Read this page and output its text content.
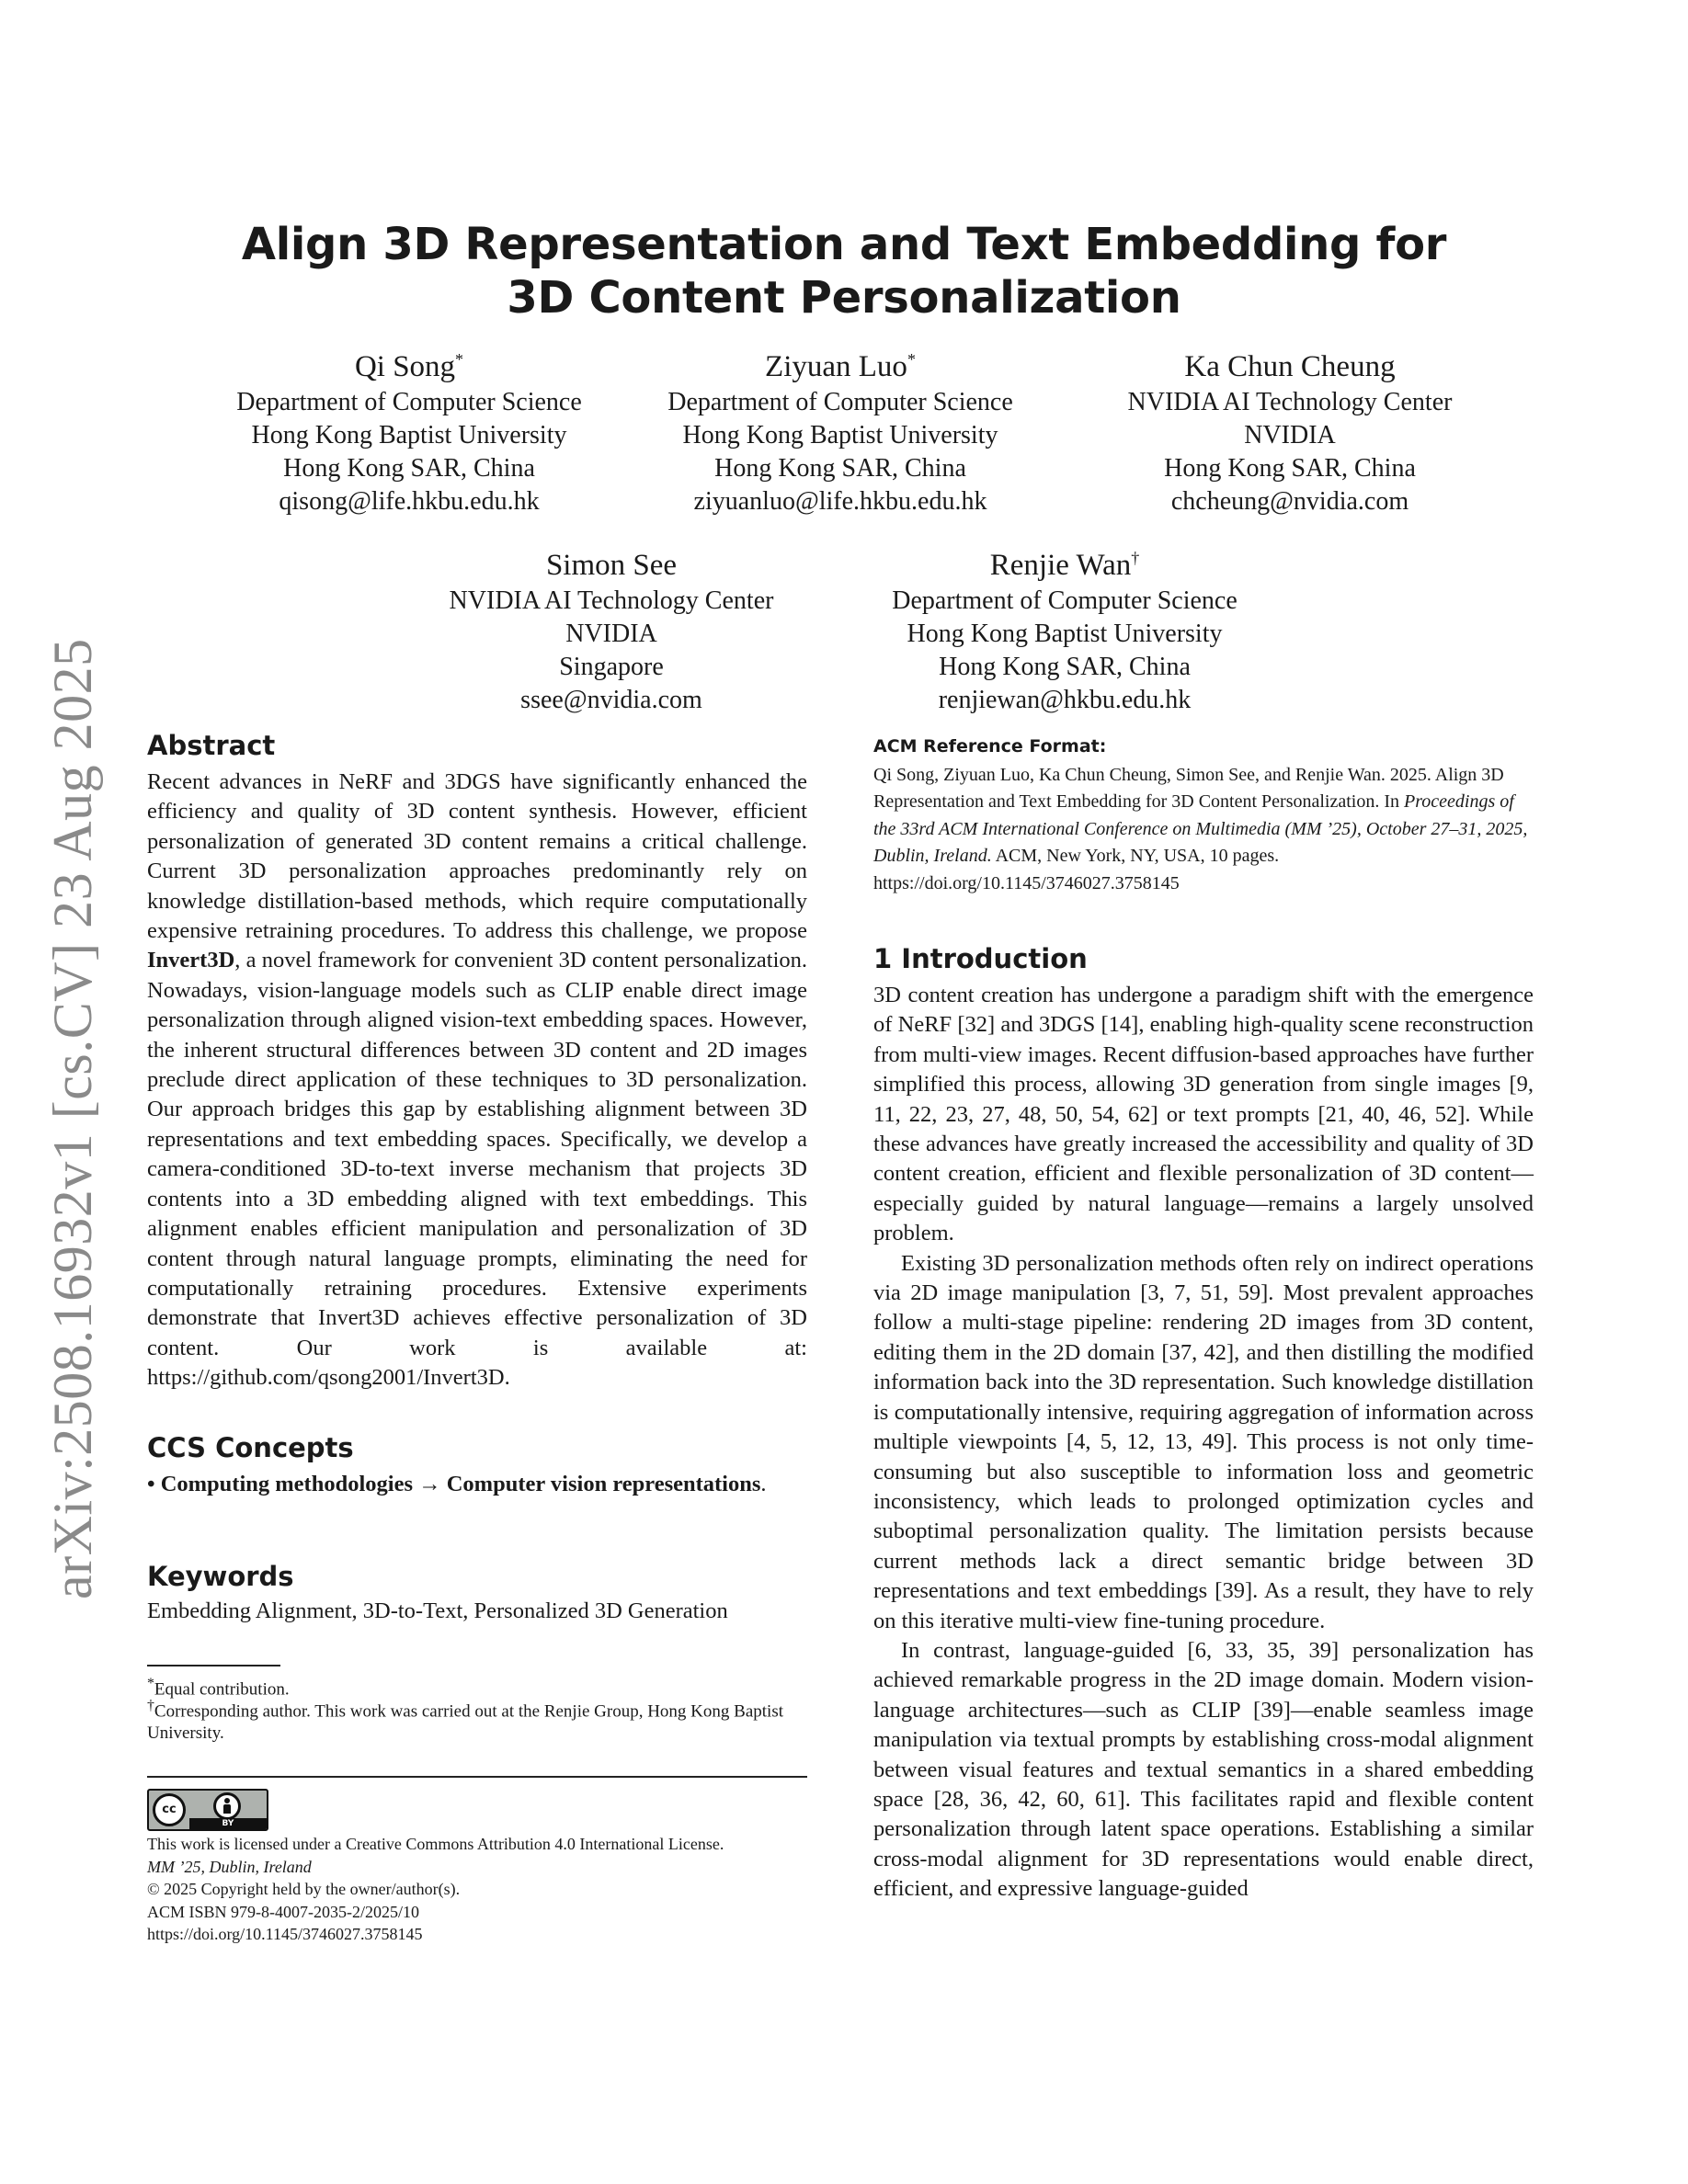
arXiv:2508.16932v1 [cs.CV] 23 Aug 2025
Align 3D Representation and Text Embedding for
3D Content Personalization
Qi Song*
Department of Computer Science
Hong Kong Baptist University
Hong Kong SAR, China
qisong@life.hkbu.edu.hk
Ziyuan Luo*
Department of Computer Science
Hong Kong Baptist University
Hong Kong SAR, China
ziyuanluo@life.hkbu.edu.hk
Ka Chun Cheung
NVIDIA AI Technology Center
NVIDIA
Hong Kong SAR, China
chcheung@nvidia.com
Simon See
NVIDIA AI Technology Center
NVIDIA
Singapore
ssee@nvidia.com
Renjie Wan†
Department of Computer Science
Hong Kong Baptist University
Hong Kong SAR, China
renjiewan@hkbu.edu.hk
Abstract
Recent advances in NeRF and 3DGS have significantly enhanced the efficiency and quality of 3D content synthesis. However, efficient personalization of generated 3D content remains a critical challenge. Current 3D personalization approaches predominantly rely on knowledge distillation-based methods, which require computationally expensive retraining procedures. To address this challenge, we propose Invert3D, a novel framework for convenient 3D content personalization. Nowadays, vision-language models such as CLIP enable direct image personalization through aligned vision-text embedding spaces. However, the inherent structural differences between 3D content and 2D images preclude direct application of these techniques to 3D personalization. Our approach bridges this gap by establishing alignment between 3D representations and text embedding spaces. Specifically, we develop a camera-conditioned 3D-to-text inverse mechanism that projects 3D contents into a 3D embedding aligned with text embeddings. This alignment enables efficient manipulation and personalization of 3D content through natural language prompts, eliminating the need for computationally retraining procedures. Extensive experiments demonstrate that Invert3D achieves effective personalization of 3D content. Our work is available at: https://github.com/qsong2001/Invert3D.
CCS Concepts
• Computing methodologies → Computer vision representations.
Keywords
Embedding Alignment, 3D-to-Text, Personalized 3D Generation
*Equal contribution.
†Corresponding author. This work was carried out at the Renjie Group, Hong Kong Baptist University.
cc
BY
This work is licensed under a Creative Commons Attribution 4.0 International License.
MM ’25, Dublin, Ireland
© 2025 Copyright held by the owner/author(s).
ACM ISBN 979-8-4007-2035-2/2025/10
https://doi.org/10.1145/3746027.3758145
ACM Reference Format:
Qi Song, Ziyuan Luo, Ka Chun Cheung, Simon See, and Renjie Wan. 2025. Align 3D Representation and Text Embedding for 3D Content Personalization. In Proceedings of the 33rd ACM International Conference on Multimedia (MM ’25), October 27–31, 2025, Dublin, Ireland. ACM, New York, NY, USA, 10 pages. https://doi.org/10.1145/3746027.3758145
1 Introduction
3D content creation has undergone a paradigm shift with the emergence of NeRF [32] and 3DGS [14], enabling high-quality scene reconstruction from multi-view images. Recent diffusion-based approaches have further simplified this process, allowing 3D generation from single images [9, 11, 22, 23, 27, 48, 50, 54, 62] or text prompts [21, 40, 46, 52]. While these advances have greatly increased the accessibility and quality of 3D content creation, efficient and flexible personalization of 3D content—especially guided by natural language—remains a largely unsolved problem.
Existing 3D personalization methods often rely on indirect operations via 2D image manipulation [3, 7, 51, 59]. Most prevalent approaches follow a multi-stage pipeline: rendering 2D images from 3D content, editing them in the 2D domain [37, 42], and then distilling the modified information back into the 3D representation. Such knowledge distillation is computationally intensive, requiring aggregation of information across multiple viewpoints [4, 5, 12, 13, 49]. This process is not only time-consuming but also susceptible to information loss and geometric inconsistency, which leads to prolonged optimization cycles and suboptimal personalization quality. The limitation persists because current methods lack a direct semantic bridge between 3D representations and text embeddings [39]. As a result, they have to rely on this iterative multi-view fine-tuning procedure.
In contrast, language-guided [6, 33, 35, 39] personalization has achieved remarkable progress in the 2D image domain. Modern vision-language architectures—such as CLIP [39]—enable seamless image manipulation via textual prompts by establishing cross-modal alignment between visual features and textual semantics in a shared embedding space [28, 36, 42, 60, 61]. This facilitates rapid and flexible content personalization through latent space operations. Establishing a similar cross-modal alignment for 3D representations would enable direct, efficient, and expressive language-guided
